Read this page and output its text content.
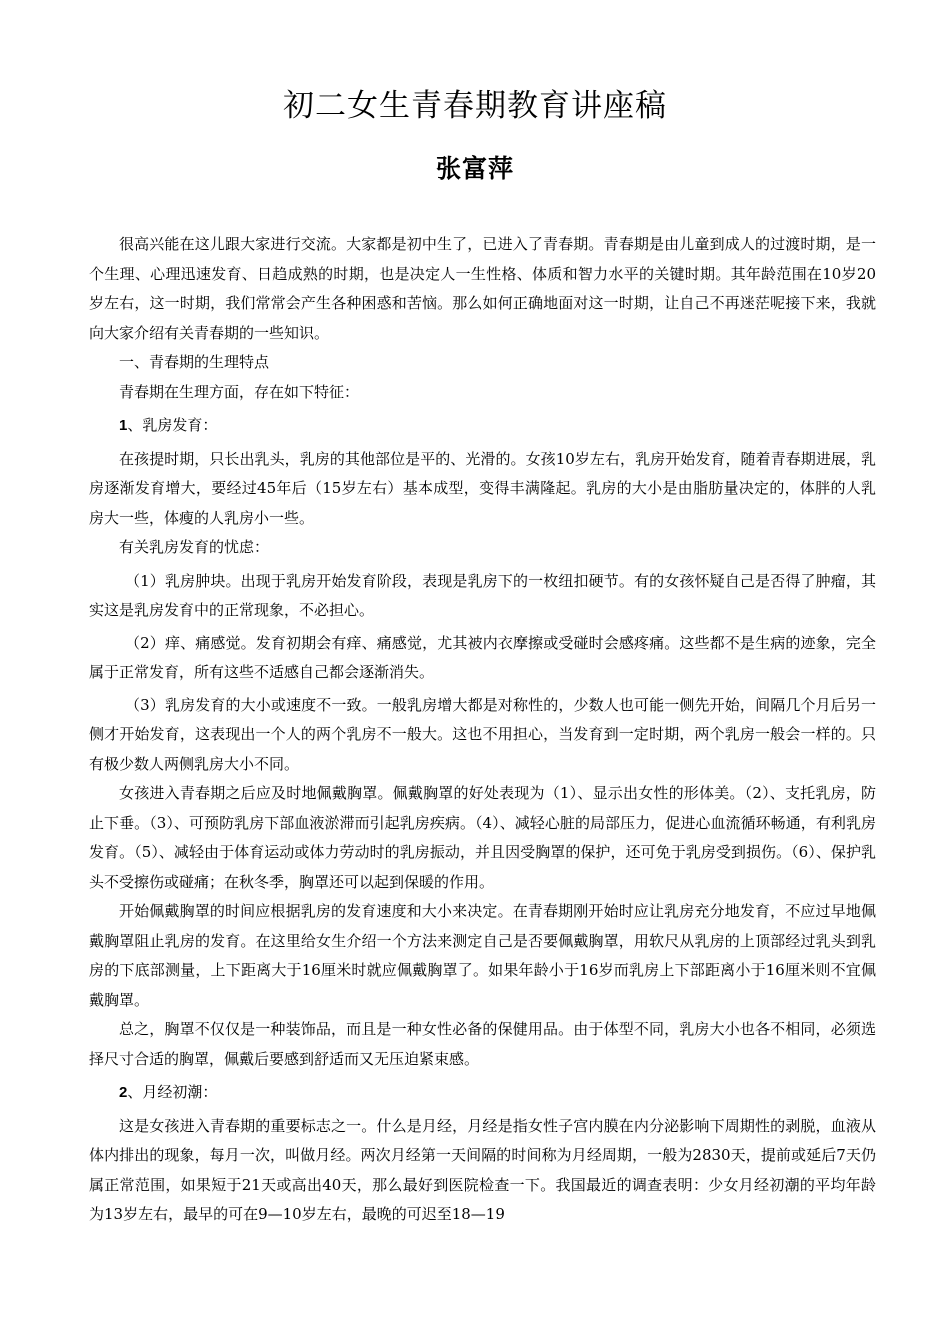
初二女生青春期教育讲座稿
张富萍

很高兴能在这儿跟大家进行交流。大家都是初中生了，已进入了青春期。青春期是由儿童到成人的过渡时期，是一个生理、心理迅速发育、日趋成熟的时期，也是决定人一生性格、体质和智力水平的关键时期。其年龄范围在10岁20岁左右，这一时期，我们常常会产生各种困惑和苦恼。那么如何正确地面对这一时期，让自己不再迷茫呢接下来，我就向大家介绍有关青春期的一些知识。

一、青春期的生理特点

青春期在生理方面，存在如下特征：

1、乳房发育：

在孩提时期，只长出乳头，乳房的其他部位是平的、光滑的。女孩10岁左右，乳房开始发育，随着青春期进展，乳房逐渐发育增大，要经过45年后（15岁左右）基本成型，变得丰满隆起。乳房的大小是由脂肪量决定的，体胖的人乳房大一些，体瘦的人乳房小一些。

有关乳房发育的忧虑：

（1）乳房肿块。出现于乳房开始发育阶段，表现是乳房下的一枚纽扣硬节。有的女孩怀疑自己是否得了肿瘤，其实这是乳房发育中的正常现象，不必担心。

（2）痒、痛感觉。发育初期会有痒、痛感觉，尤其被内衣摩擦或受碰时会感疼痛。这些都不是生病的迹象，完全属于正常发育，所有这些不适感自己都会逐渐消失。

（3）乳房发育的大小或速度不一致。一般乳房增大都是对称性的，少数人也可能一侧先开始，间隔几个月后另一侧才开始发育，这表现出一个人的两个乳房不一般大。这也不用担心，当发育到一定时期，两个乳房一般会一样的。只有极少数人两侧乳房大小不同。

女孩进入青春期之后应及时地佩戴胸罩。佩戴胸罩的好处表现为（1）、显示出女性的形体美。（2）、支托乳房，防止下垂。（3）、可预防乳房下部血液淤滞而引起乳房疾病。（4）、减轻心脏的局部压力，促进心血流循环畅通，有利乳房发育。（5）、减轻由于体育运动或体力劳动时的乳房振动，并且因受胸罩的保护，还可免于乳房受到损伤。（6）、保护乳头不受擦伤或碰痛；在秋冬季，胸罩还可以起到保暖的作用。

开始佩戴胸罩的时间应根据乳房的发育速度和大小来决定。在青春期刚开始时应让乳房充分地发育，不应过早地佩戴胸罩阻止乳房的发育。在这里给女生介绍一个方法来测定自己是否要佩戴胸罩，用软尺从乳房的上顶部经过乳头到乳房的下底部测量，上下距离大于16厘米时就应佩戴胸罩了。如果年龄小于16岁而乳房上下部距离小于16厘米则不宜佩戴胸罩。

总之，胸罩不仅仅是一种装饰品，而且是一种女性必备的保健用品。由于体型不同，乳房大小也各不相同，必须选择尺寸合适的胸罩，佩戴后要感到舒适而又无压迫紧束感。

2、月经初潮：

这是女孩进入青春期的重要标志之一。什么是月经，月经是指女性子宫内膜在内分泌影响下周期性的剥脱，血液从体内排出的现象，每月一次，叫做月经。两次月经第一天间隔的时间称为月经周期，一般为2830天，提前或延后7天仍属正常范围，如果短于21天或高出40天，那么最好到医院检查一下。我国最近的调查表明：少女月经初潮的平均年龄为13岁左右，最早的可在9—10岁左右，最晚的可迟至18—19
